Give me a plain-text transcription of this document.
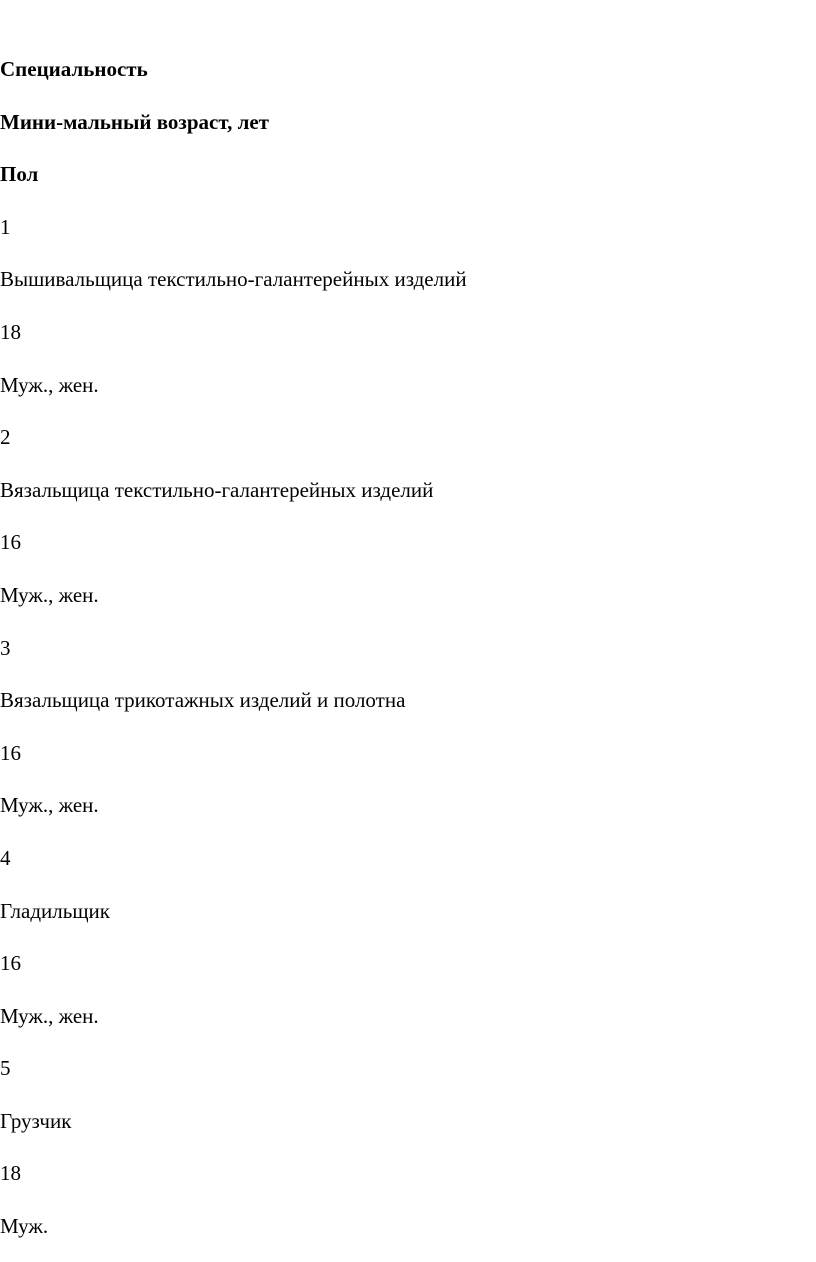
Специальность

Мини-мальный возраст, лет

Пол

1

Вышивальщица текстильно-галантерейных изделий

18

Муж., жен.

2

Вязальщица текстильно-галантерейных изделий

16

Муж., жен.

3

Вязальщица трикотажных изделий и полотна

16

Муж., жен.

4

Гладильщик

16

Муж., жен.

5

Грузчик

18

Муж.
